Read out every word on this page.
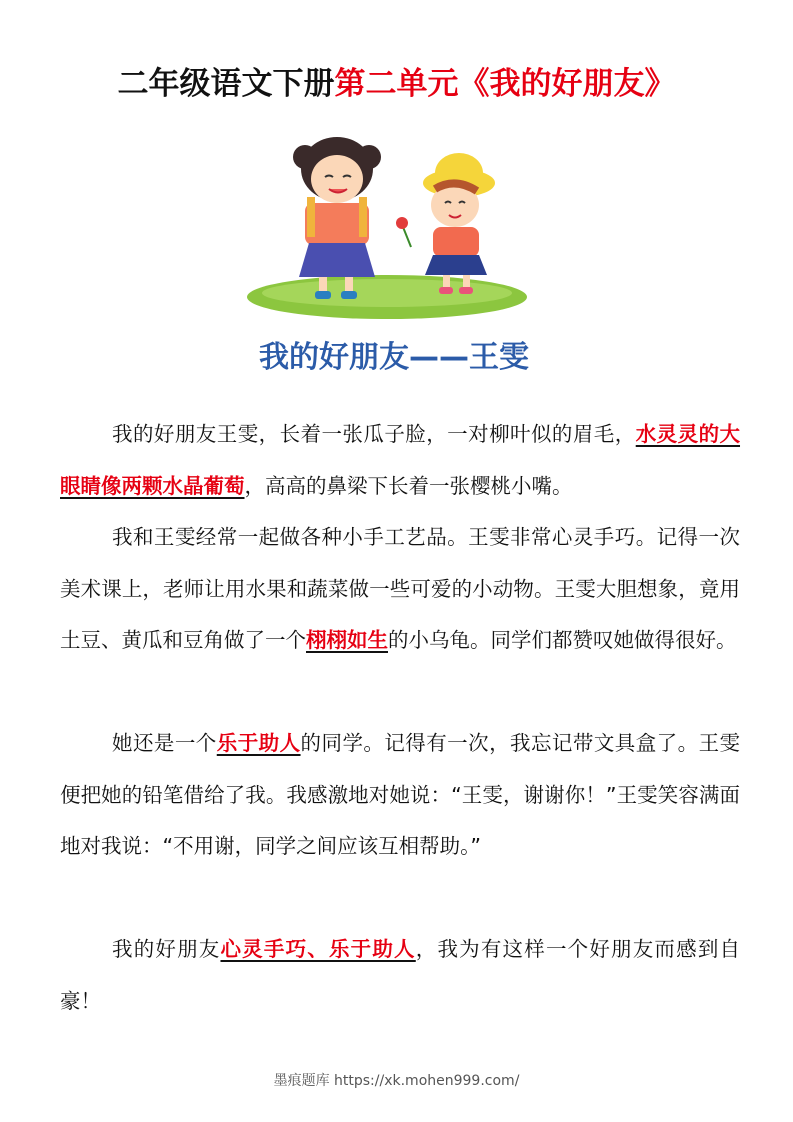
二年级语文下册第二单元《我的好朋友》
我的好朋友——王雯

我的好朋友王雯，长着一张瓜子脸，一对柳叶似的眉毛，水灵灵的大眼睛像两颗水晶葡萄，高高的鼻梁下长着一张樱桃小嘴。

我和王雯经常一起做各种小手工艺品。王雯非常心灵手巧。记得一次美术课上，老师让用水果和蔬菜做一些可爱的小动物。王雯大胆想象，竟用土豆、黄瓜和豆角做了一个栩栩如生的小乌龟。同学们都赞叹她做得很好。

她还是一个乐于助人的同学。记得有一次，我忘记带文具盒了。王雯便把她的铅笔借给了我。我感激地对她说：“王雯，谢谢你！”王雯笑容满面地对我说：“不用谢，同学之间应该互相帮助。”

我的好朋友心灵手巧、乐于助人，我为有这样一个好朋友而感到自豪！

墨痕题库 https://xk.mohen999.com/
